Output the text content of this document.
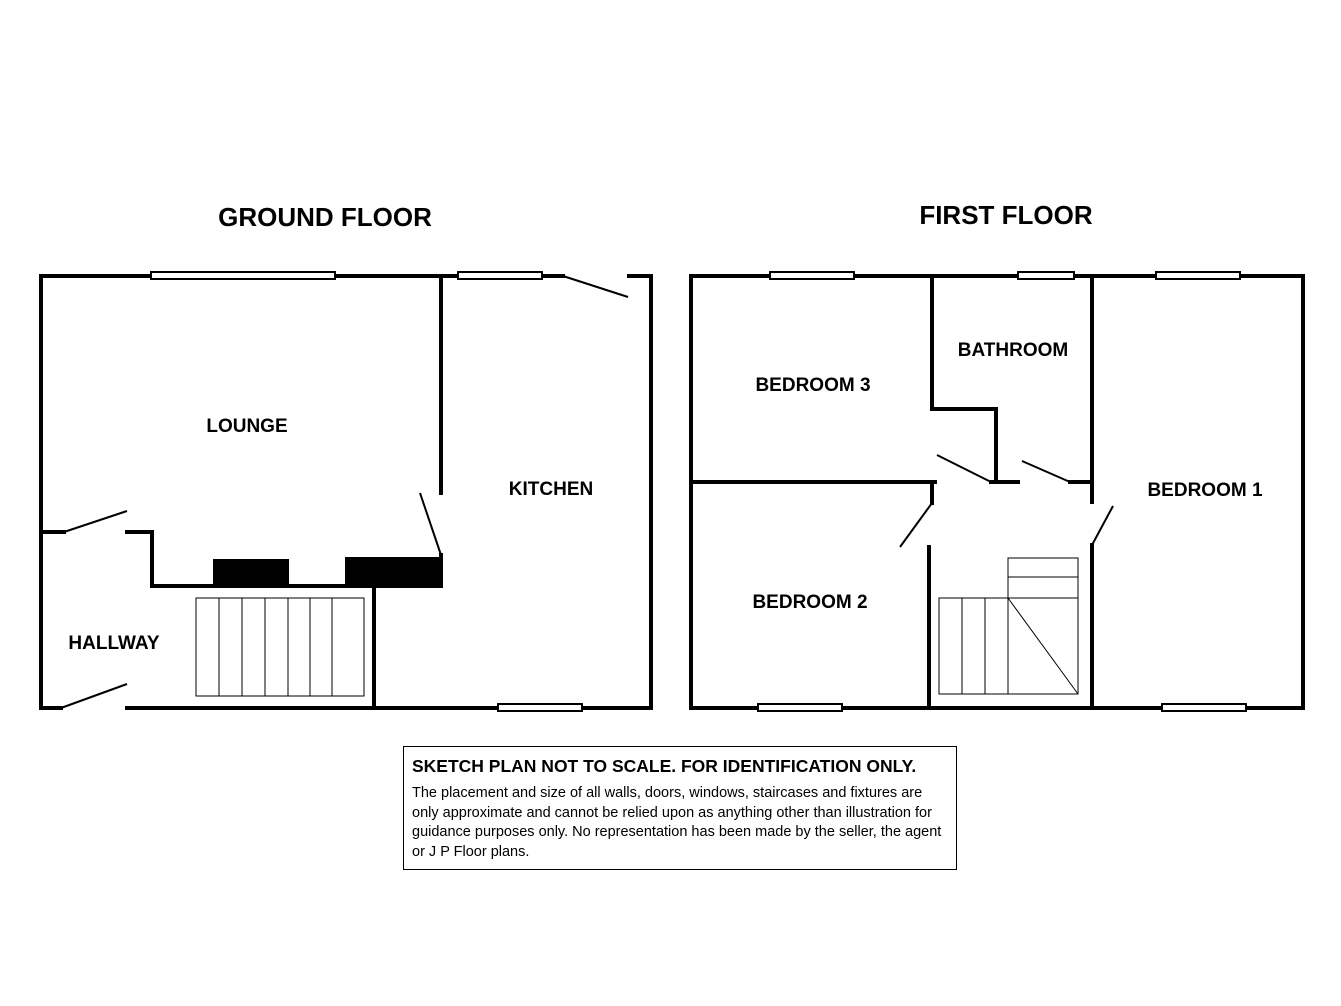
GROUND FLOOR	FIRST FLOOR
LOUNGE
KITCHEN
HALLWAY
BEDROOM 3
BATHROOM
BEDROOM 1
BEDROOM 2
SKETCH PLAN NOT TO SCALE. FOR IDENTIFICATION ONLY.
The placement and size of all walls, doors, windows, staircases and fixtures are only approximate and cannot be relied upon as anything other than illustration for guidance purposes only. No representation has been made by the seller, the agent or J P Floor plans.
